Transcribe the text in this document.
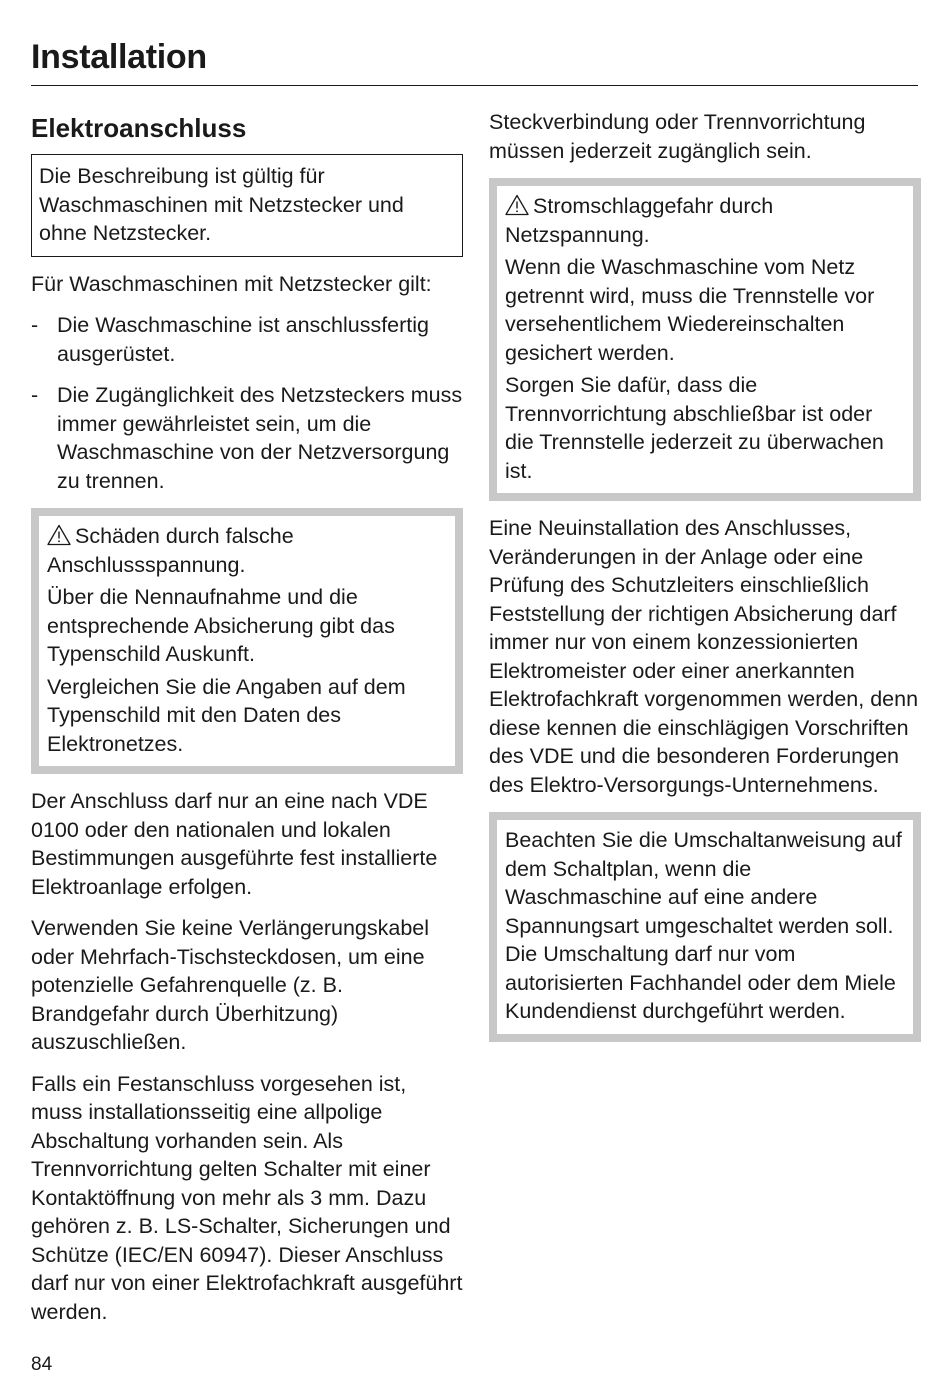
Installation

Elektroanschluss

Die Beschreibung ist gültig für Waschmaschinen mit Netzstecker und ohne Netzstecker.

Für Waschmaschinen mit Netzstecker gilt:

- Die Waschmaschine ist anschlussfertig ausgerüstet.
- Die Zugänglichkeit des Netzsteckers muss immer gewährleistet sein, um die Waschmaschine von der Netzversorgung zu trennen.

Schäden durch falsche Anschlussspannung.

Über die Nennaufnahme und die entsprechende Absicherung gibt das Typenschild Auskunft.

Vergleichen Sie die Angaben auf dem Typenschild mit den Daten des Elektronetzes.

Der Anschluss darf nur an eine nach VDE 0100 oder den nationalen und lokalen Bestimmungen ausgeführte fest installierte Elektroanlage erfolgen.

Verwenden Sie keine Verlängerungskabel oder Mehrfach-Tischsteckdosen, um eine potenzielle Gefahrenquelle (z. B. Brandgefahr durch Überhitzung) auszuschließen.

Falls ein Festanschluss vorgesehen ist, muss installationsseitig eine allpolige Abschaltung vorhanden sein. Als Trennvorrichtung gelten Schalter mit einer Kontaktöffnung von mehr als 3 mm. Dazu gehören z. B. LS-Schalter, Sicherungen und Schütze (IEC/EN 60947). Dieser Anschluss darf nur von einer Elektrofachkraft ausgeführt werden.

Steckverbindung oder Trennvorrichtung müssen jederzeit zugänglich sein.

Stromschlaggefahr durch Netzspannung.

Wenn die Waschmaschine vom Netz getrennt wird, muss die Trennstelle vor versehentlichem Wiedereinschalten gesichert werden.

Sorgen Sie dafür, dass die Trennvorrichtung abschließbar ist oder die Trennstelle jederzeit zu überwachen ist.

Eine Neuinstallation des Anschlusses, Veränderungen in der Anlage oder eine Prüfung des Schutzleiters einschließlich Feststellung der richtigen Absicherung darf immer nur von einem konzessionierten Elektromeister oder einer anerkannten Elektrofachkraft vorgenommen werden, denn diese kennen die einschlägigen Vorschriften des VDE und die besonderen Forderungen des Elektro-Versorgungs-Unternehmens.

Beachten Sie die Umschaltanweisung auf dem Schaltplan, wenn die Waschmaschine auf eine andere Spannungsart umgeschaltet werden soll. Die Umschaltung darf nur vom autorisierten Fachhandel oder dem Miele Kundendienst durchgeführt werden.

84
